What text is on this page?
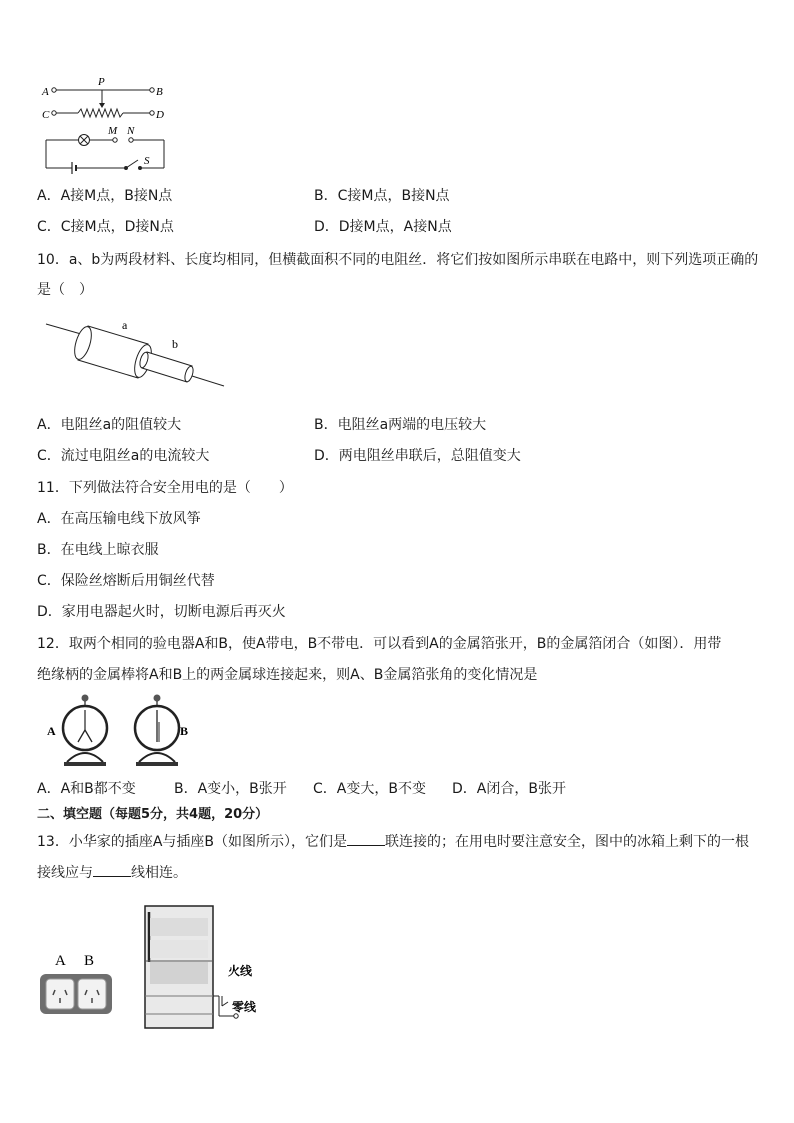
A	B
P
C	D
M N
S
A．A接M点，B接N点	B．C接M点，B接N点
C．C接M点，D接N点	D．D接M点，A接N点
10．a、b为两段材料、长度均相同，但横截面积不同的电阻丝．将它们按如图所示串联在电路中，则下列选项正确的
是（　）
a
b
A．电阻丝a的阻值较大	B．电阻丝a两端的电压较大
C．流过电阻丝a的电流较大	D．两电阻丝串联后，总阻值变大
11．下列做法符合安全用电的是（　　）
A．在高压输电线下放风筝
B．在电线上晾衣服
C．保险丝熔断后用铜丝代替
D．家用电器起火时，切断电源后再灭火
12．取两个相同的验电器A和B，使A带电，B不带电．可以看到A的金属箔张开，B的金属箔闭合（如图）．用带
绝缘柄的金属棒将A和B上的两金属球连接起来，则A、B金属箔张角的变化情况是
A	B
A．A和B都不变	B．A变小，B张开 C．A变大，B不变 D．A闭合，B张开
二、填空题（每题5分，共4题，20分）
13．小华家的插座A与插座B（如图所示），它们是	联连接的；在用电时要注意安全，图中的冰箱上剩下的一根
接线应与	线相连。
A B
火线
零线
